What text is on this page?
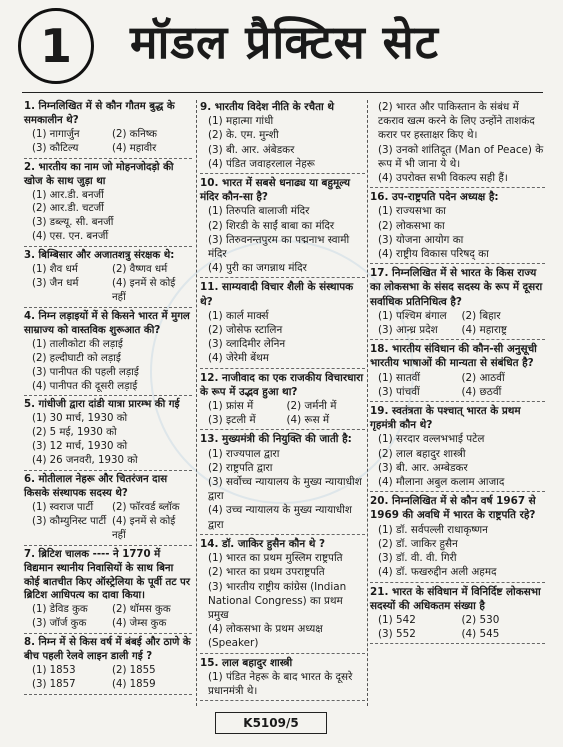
1	मॉडल प्रैक्टिस सेट
1. निम्नलिखित में से कौन गौतम बुद्ध के समकालीन थे?
(1) नागार्जुन	(2) कनिष्क
(3) कौटिल्य	(4) महावीर
2. भारतीय का नाम जो मोहनजोदड़ो की खोज के साथ जुड़ा था
(1) आर.डी. बनर्जी
(2) आर.डी. चटर्जी
(3) डब्ल्यू. सी. बनर्जी
(4) एस. एन. बनर्जी
3. बिम्बिसार और अजातशत्रु संरक्षक थे:
(1) शैव धर्म	(2) वैष्णव धर्म
(3) जैन धर्म	(4) इनमें से कोई नहीं
4. निम्न लड़ाइयों में से किसने भारत में मुगल साम्राज्य को वास्तविक शुरूआत की?
(1) तालीकोटा की लड़ाई
(2) हल्दीघाटी को लड़ाई
(3) पानीपत की पहली लड़ाई
(4) पानीपत की दूसरी लड़ाई
5. गांधीजी द्वारा दांडी यात्रा प्रारम्भ की गई
(1) 30 मार्च, 1930 को
(2) 5 मई, 1930 को
(3) 12 मार्च, 1930 को
(4) 26 जनवरी, 1930 को
6. मोतीलाल नेहरू और चितरंजन दास किसके संस्थापक सदस्य थे?
(1) स्वराज पार्टी	(2) फॉरवर्ड ब्लॉक
(3) कौम्युनिस्ट पार्टी (4) इनमें से कोई नहीं
7. ब्रिटिश चालक ---- ने 1770 में विद्यमान स्थानीय निवासियों के साथ बिना कोई बातचीत किए ऑस्ट्रेलिया के पूर्वी तट पर ब्रिटिश आधिपत्य का दावा किया।
(1) डेविड कुक	(2) थॉमस कुक
(3) जॉर्ज कुक	(4) जेम्स कुक
8. निम्न में से किस वर्ष में बंबई और ठाणे के बीच पहली रेलवे लाइन डाली गई ?
(1) 1853	(2) 1855
(3) 1857	(4) 1859
9. भारतीय विदेश नीति के रचैता थे
(1) महात्मा गांधी
(2) के. एम. मुन्शी
(3) बी. आर. अंबेडकर
(4) पंडित जवाहरलाल नेहरू
10. भारत में सबसे धनाढ्य या बहुमूल्य मंदिर कौन-सा है?
(1) तिरुपति बालाजी मंदिर
(2) शिरडी के साईं बाबा का मंदिर
(3) तिरुवनन्तपुरम का पद्मनाभ स्वामी मंदिर
(4) पुरी का जगन्नाथ मंदिर
11. साम्यवादी विचार शैली के संस्थापक थे?
(1) कार्ल मार्क्स
(2) जोसेफ स्टालिन
(3) व्लादिमीर लेनिन
(4) जेरेमी बेंथम
12. नाजीवाद का एक राजकीय विचारधारा के रूप में उद्भव हुआ था?
(1) फ्रांस में	(2) जर्मनी में
(3) इटली में	(4) रूस में
13. मुख्यमंत्री की नियुक्ति की जाती है:
(1) राज्यपाल द्वारा
(2) राष्ट्रपति द्वारा
(3) सर्वोच्च न्यायालय के मुख्य न्यायाधीश द्वारा
(4) उच्च न्यायालय के मुख्य न्यायाधीश द्वारा
14. डॉ. जाकिर हुसैन कौन थे ?
(1) भारत का प्रथम मुस्लिम राष्ट्रपति
(2) भारत का प्रथम उपराष्ट्रपति
(3) भारतीय राष्ट्रीय कांग्रेस (Indian National Congress) का प्रथम प्रमुख
(4) लोकसभा के प्रथम अध्यक्ष (Speaker)
15. लाल बहादुर शास्त्री
(1) पंडित नेहरू के बाद भारत के दूसरे प्रधानमंत्री थे।
(2) भारत और पाकिस्तान के संबंध में टकराव खत्म करने के लिए उन्होंने ताशकंद करार पर हस्ताक्षर किए थे।
(3) उनको शांतिदूत (Man of Peace) के रूप में भी जाना ये थे।
(4) उपरोक्त सभी विकल्प सही हैं।
16. उप-राष्ट्रपति पदेन अध्यक्ष है:
(1) राज्यसभा का
(2) लोकसभा का
(3) योजना आयोग का
(4) राष्ट्रीय विकास परिषद् का
17. निम्नलिखित में से भारत के किस राज्य का लोकसभा के संसद सदस्य के रूप में दूसरा सर्वाधिक प्रतिनिधित्व है?
(1) पश्चिम बंगाल	(2) बिहार
(3) आन्ध्र प्रदेश	(4) महाराष्ट्र
18. भारतीय संविधान की कौन-सी अनुसूची भारतीय भाषाओं की मान्यता से संबंधित है?
(1) सातवीं	(2) आठवीं
(3) पांचवीं	(4) छठवीं
19. स्वतंत्रता के पश्चात् भारत के प्रथम गृहमंत्री कौन थे?
(1) सरदार वल्लभभाई पटेल
(2) लाल बहादुर शास्त्री
(3) बी. आर. अम्बेडकर
(4) मौलाना अबुल कलाम आजाद
20. निम्नलिखित में से कौन वर्ष 1967 से 1969 की अवधि में भारत के राष्ट्रपति रहे?
(1) डॉ. सर्वपल्ली राधाकृष्णन
(2) डॉ. जाकिर हुसैन
(3) डॉ. वी. वी. गिरी
(4) डॉ. फखरुद्दीन अली अहमद
21. भारत के संविधान में विनिर्दिष्ट लोकसभा सदस्यों की अधिकतम संख्या है
(1) 542	(2) 530
(3) 552	(4) 545
K5109/5
